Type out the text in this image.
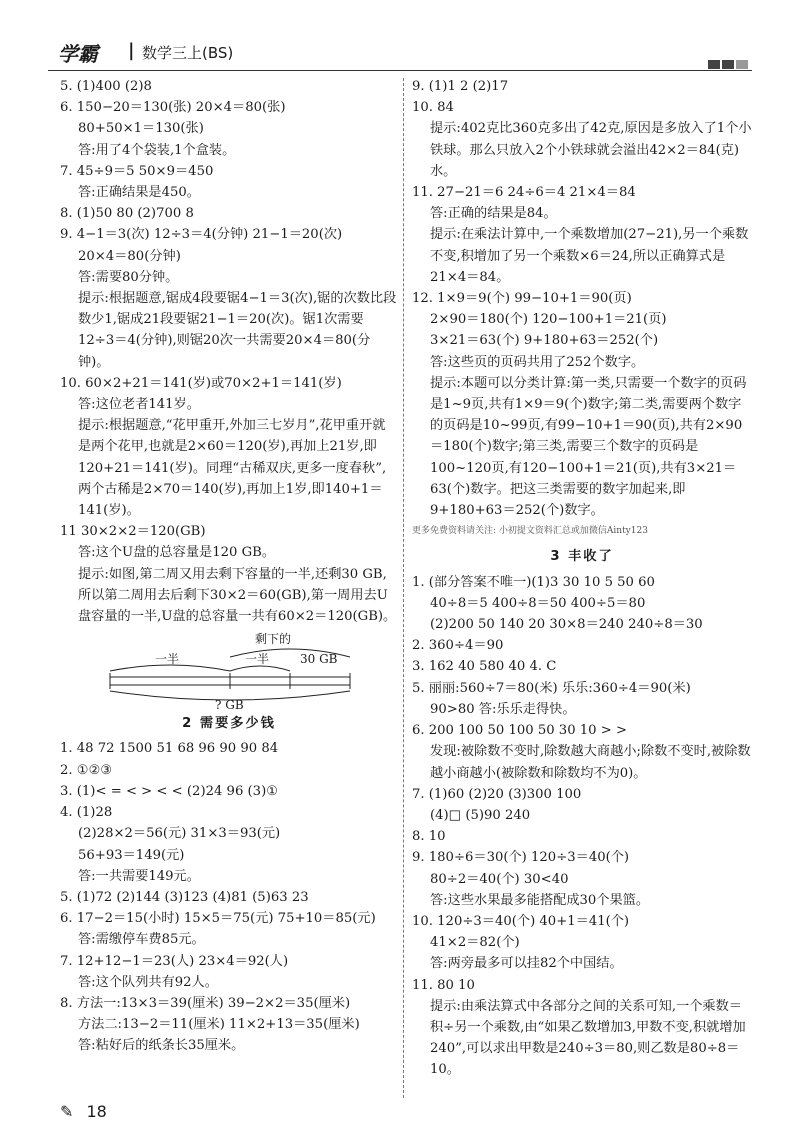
学霸 | 数学三上(BS)
5. (1)400 (2)8
6. 150−20＝130(张) 20×4＝80(张)
80+50×1＝130(张)
答:用了4个袋装,1个盒装。
7. 45÷9＝5 50×9＝450
答:正确结果是450。
8. (1)50 80 (2)700 8
9. 4−1＝3(次) 12÷3＝4(分钟) 21−1＝20(次)
20×4＝80(分钟)
答:需要80分钟。
提示:根据题意,锯成4段要锯4−1＝3(次),锯的次数比段数少1,锯成21段要锯21−1＝20(次)。锯1次需要12÷3＝4(分钟),则锯20次一共需要20×4＝80(分钟)。
10. 60×2+21＝141(岁)或70×2+1＝141(岁)
答:这位老者141岁。
提示:根据题意,“花甲重开,外加三七岁月”,花甲重开就是两个花甲,也就是2×60＝120(岁),再加上21岁,即120+21＝141(岁)。同理“古稀双庆,更多一度春秋”,两个古稀是2×70＝140(岁),再加上1岁,即140+1＝141(岁)。
11 30×2×2＝120(GB)
答:这个U盘的总容量是120 GB。
提示:如图,第二周又用去剩下容量的一半,还剩30 GB,所以第二周用去后剩下30×2＝60(GB),第一周用去U盘容量的一半,U盘的总容量一共有60×2＝120(GB)。
剩下的
一半	一半	30 GB
? GB
2 需要多少钱
1. 48 72 1500 51 68 96 90 90 84
2. ①②③
3. (1)< = < > < < (2)24 96 (3)①
4. (1)28
(2)28×2＝56(元) 31×3＝93(元)
56+93＝149(元)
答:一共需要149元。
5. (1)72 (2)144 (3)123 (4)81 (5)63 23
6. 17−2＝15(小时) 15×5＝75(元) 75+10＝85(元)
答:需缴停车费85元。
7. 12+12−1＝23(人) 23×4＝92(人)
答:这个队列共有92人。
8. 方法一:13×3＝39(厘米) 39−2×2＝35(厘米)
方法二:13−2＝11(厘米) 11×2+13＝35(厘米)
答:粘好后的纸条长35厘米。
9. (1)1 2 (2)17
10. 84
提示:402克比360克多出了42克,原因是多放入了1个小铁球。那么只放入2个小铁球就会溢出42×2＝84(克)水。
11. 27−21＝6 24÷6＝4 21×4＝84
答:正确的结果是84。
提示:在乘法计算中,一个乘数增加(27−21),另一个乘数不变,积增加了另一个乘数×6＝24,所以正确算式是21×4＝84。
12. 1×9＝9(个) 99−10+1＝90(页)
2×90＝180(个) 120−100+1＝21(页)
3×21＝63(个) 9+180+63＝252(个)
答:这些页的页码共用了252个数字。
提示:本题可以分类计算:第一类,只需要一个数字的页码是1~9页,共有1×9＝9(个)数字;第二类,需要两个数字的页码是10~99页,有99−10+1＝90(页),共有2×90＝180(个)数字;第三类,需要三个数字的页码是100~120页,有120−100+1＝21(页),共有3×21＝63(个)数字。把这三类需要的数字加起来,即9+180+63＝252(个)数字。
更多免费资料请关注: 小初提文资料汇总或加微信Ainty123
3 丰收了
1. (部分答案不唯一)(1)3 30 10 5 50 60
40÷8＝5 400÷8＝50 400÷5＝80
(2)200 50 140 20 30×8＝240 240÷8＝30
2. 360÷4＝90
3. 162 40 580 40 4. C
5. 丽丽:560÷7＝80(米) 乐乐:360÷4＝90(米)
90>80 答:乐乐走得快。
6. 200 100 50 100 50 30 10 > >
发现:被除数不变时,除数越大商越小;除数不变时,被除数越小商越小(被除数和除数均不为0)。
7. (1)60 (2)20 (3)300 100
(4)□ (5)90 240
8. 10
9. 180÷6＝30(个) 120÷3＝40(个)
80÷2＝40(个) 30<40
答:这些水果最多能搭配成30个果篮。
10. 120÷3＝40(个) 40+1＝41(个)
41×2＝82(个)
答:两旁最多可以挂82个中国结。
11. 80 10
提示:由乘法算式中各部分之间的关系可知,一个乘数＝积÷另一个乘数,由“如果乙数增加3,甲数不变,积就增加240”,可以求出甲数是240÷3＝80,则乙数是80÷8＝10。
✎ 18
